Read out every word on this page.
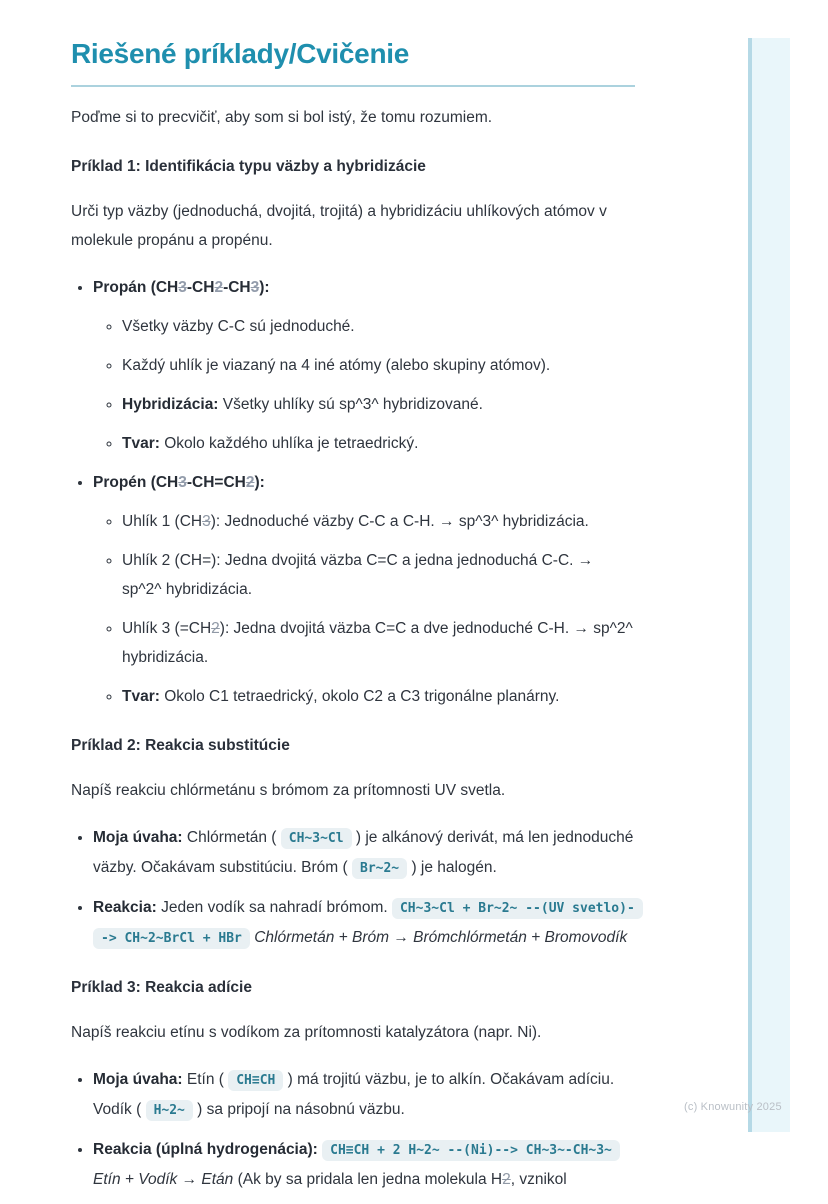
(c) Knowunity 2025
Riešené príklady/Cvičenie

Poďme si to precvičiť, aby som si bol istý, že tomu rozumiem.

Príklad 1: Identifikácia typu väzby a hybridizácie

Urči typ väzby (jednoduchá, dvojitá, trojitá) a hybridizáciu uhlíkových atómov v molekule propánu a propénu.

• Propán (CH3-CH2-CH3):
◦ Všetky väzby C-C sú jednoduché.
◦ Každý uhlík je viazaný na 4 iné atómy (alebo skupiny atómov).
◦ Hybridizácia: Všetky uhlíky sú sp^3^ hybridizované.
◦ Tvar: Okolo každého uhlíka je tetraedrický.
• Propén (CH3-CH=CH2):
◦ Uhlík 1 (CH3): Jednoduché väzby C-C a C-H. → sp^3^ hybridizácia.
◦ Uhlík 2 (CH=): Jedna dvojitá väzba C=C a jedna jednoduchá C-C. → sp^2^ hybridizácia.
◦ Uhlík 3 (=CH2): Jedna dvojitá väzba C=C a dve jednoduché C-H. → sp^2^ hybridizácia.
◦ Tvar: Okolo C1 tetraedrický, okolo C2 a C3 trigonálne planárny.
Príklad 2: Reakcia substitúcie

Napíš reakciu chlórmetánu s brómom za prítomnosti UV svetla.

• Moja úvaha: Chlórmetán ( CH~3~Cl ) je alkánový derivát, má len jednoduché väzby. Očakávam substitúciu. Bróm ( Br~2~ ) je halogén.
• Reakcia: Jeden vodík sa nahradí brómom. CH~3~Cl + Br~2~ --(UV svetlo)--> CH~2~BrCl + HBr Chlórmetán + Bróm → Brómchlórmetán + Bromovodík
Príklad 3: Reakcia adície

Napíš reakciu etínu s vodíkom za prítomnosti katalyzátora (napr. Ni).

• Moja úvaha: Etín ( CH≡CH ) má trojitú väzbu, je to alkín. Očakávam adíciu. Vodík ( H~2~ ) sa pripojí na násobnú väzbu.
• Reakcia (úplná hydrogenácia): CH≡CH + 2 H~2~ --(Ni)--> CH~3~-CH~3~ Etín + Vodík → Etán (Ak by sa pridala len jedna molekula H2, vznikol
